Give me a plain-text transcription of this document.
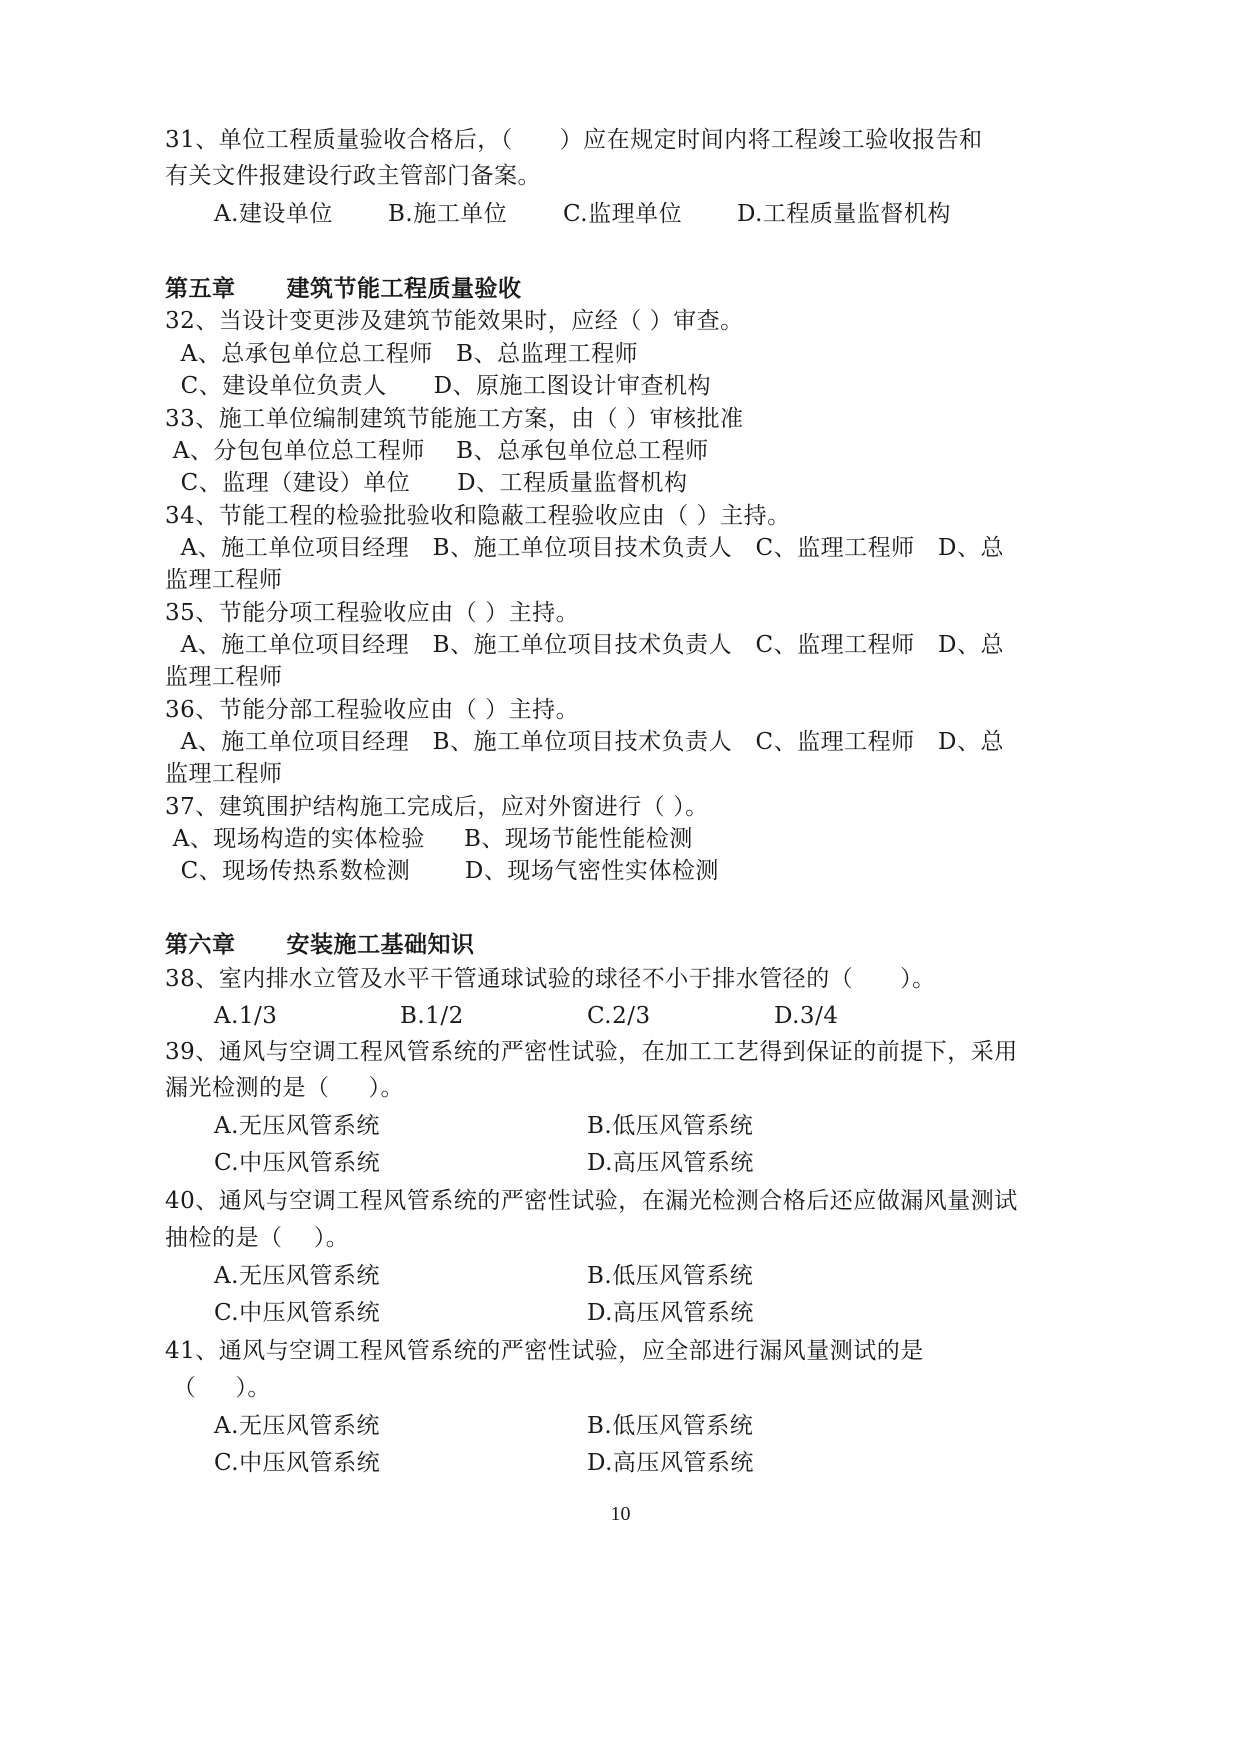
31、单位工程质量验收合格后，（      ）应在规定时间内将工程竣工验收报告和
有关文件报建设行政主管部门备案。

A.建设单位

B.施工单位

C.监理单位

D.工程质量监督机构

第五章      建筑节能工程质量验收
32、当设计变更涉及建筑节能效果时，应经（ ）审查。
A、总承包单位总工程师   B、总监理工程师
C、建设单位负责人      D、原施工图设计审查机构
33、施工单位编制建筑节能施工方案，由（ ）审核批准
A、分包包单位总工程师    B、总承包单位总工程师
C、监理（建设）单位      D、工程质量监督机构
34、节能工程的检验批验收和隐蔽工程验收应由（ ）主持。
A、施工单位项目经理   B、施工单位项目技术负责人   C、监理工程师   D、总
监理工程师
35、节能分项工程验收应由（ ）主持。
A、施工单位项目经理   B、施工单位项目技术负责人   C、监理工程师   D、总
监理工程师
36、节能分部工程验收应由（ ）主持。
A、施工单位项目经理   B、施工单位项目技术负责人   C、监理工程师   D、总
监理工程师
37、建筑围护结构施工完成后，应对外窗进行（ ）。
A、现场构造的实体检验     B、现场节能性能检测
C、现场传热系数检测       D、现场气密性实体检测
第六章      安装施工基础知识
38、室内排水立管及水平干管通球试验的球径不小于排水管径的（      ）。

A.1/3

	B.1/2

	C.2/3

	D.3/4

39、通风与空调工程风管系统的严密性试验，在加工工艺得到保证的前提下，采用
漏光检测的是（     ）。

A.无压风管系统

	B.低压风管系统

C.中压风管系统

	D.高压风管系统

40、通风与空调工程风管系统的严密性试验，在漏光检测合格后还应做漏风量测试
抽检的是（    ）。

A.无压风管系统

	B.低压风管系统

C.中压风管系统

	D.高压风管系统

41、通风与空调工程风管系统的严密性试验，应全部进行漏风量测试的是
（     ）。

A.无压风管系统

	B.低压风管系统

C.中压风管系统

	D.高压风管系统

10
